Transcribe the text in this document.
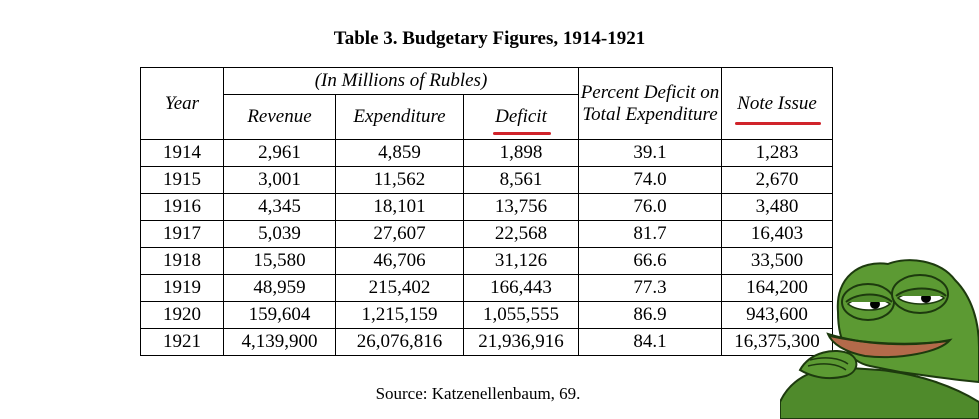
Table 3. Budgetary Figures, 1914-1921
Year	(In Millions of Rubles)			Percent Deficit on Total Expenditure	Note Issue

	Revenue	Expenditure	Deficit		

1914	2,961	4,859	1,898	39.1	1,283
1915	3,001	11,562	8,561	74.0	2,670
1916	4,345	18,101	13,756	76.0	3,480
1917	5,039	27,607	22,568	81.7	16,403
1918	15,580	46,706	31,126	66.6	33,500
1919	48,959	215,402	166,443	77.3	164,200
1920	159,604	1,215,159	1,055,555	86.9	943,600
1921	4,139,900	26,076,816	21,936,916	84.1	16,375,300
Source: Katzenellenbaum, 69.
